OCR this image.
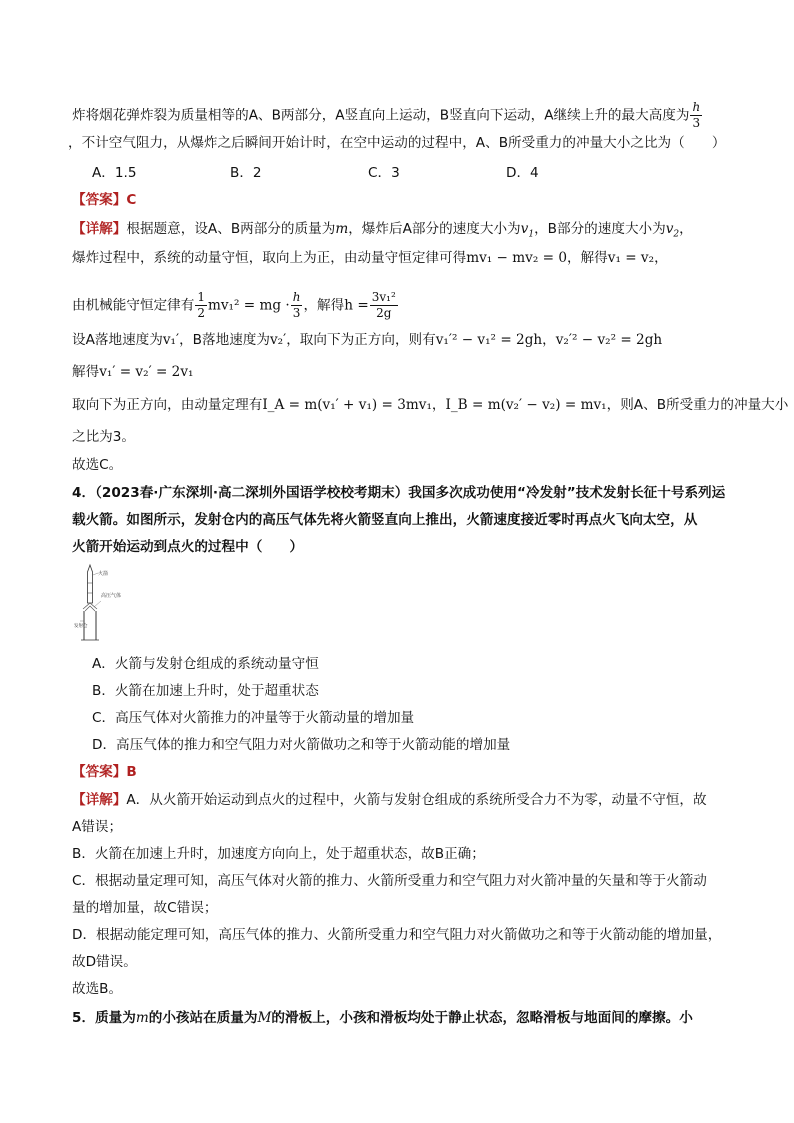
炸将烟花弹炸裂为质量相等的A、B两部分，A竖直向上运动，B竖直向下运动，A继续上升的最大高度为 $\frac{h}{3}$
，不计空气阻力，从爆炸之后瞬间开始计时，在空中运动的过程中，A、B所受重力的冲量大小之比为（　　）
A．1.5	B．2	C．3	D．4
【答案】C
【详解】根据题意，设A、B两部分的质量为m，爆炸后A部分的速度大小为$v_1$，B部分的速度大小为$v_2$，
爆炸过程中，系统的动量守恒，取向上为正，由动量守恒定律可得mv₁ − mv₂ = 0，解得v₁ = v₂，
由机械能守恒定律有 $\frac{1}{2} mv_1^2$ = mg · $\frac{h}{3}$ ，解得$h = \frac{\text{3v₁²}}{2g}$
设A落地速度为v₁′，B落地速度为v₂′，取向下为正方向，则有v₁′² − v₁² = 2gh，v₂′² − v₂² = 2gh
解得v₁′ = v₂′ = 2v₁
取向下为正方向，由动量定理有I_A = m(v₁′ + v₁) = 3mv₁，I_B = m(v₂′ − v₂) = mv₁，则A、B所受重力的冲量大小
之比为3。
故选C。
4．（2023春·广东深圳·高二深圳外国语学校校考期末）我国多次成功使用“冷发射”技术发射长征十号系列运
载火箭。如图所示，发射仓内的高压气体先将火箭竖直向上推出，火箭速度接近零时再点火飞向太空，从
火箭开始运动到点火的过程中（　　）
火箭
高压气体
发射仓
A．火箭与发射仓组成的系统动量守恒
B．火箭在加速上升时，处于超重状态
C．高压气体对火箭推力的冲量等于火箭动量的增加量
D．高压气体的推力和空气阻力对火箭做功之和等于火箭动能的增加量
【答案】B
【详解】A．从火箭开始运动到点火的过程中，火箭与发射仓组成的系统所受合力不为零，动量不守恒，故
A错误；
B．火箭在加速上升时，加速度方向向上，处于超重状态，故B正确；
C．根据动量定理可知，高压气体对火箭的推力、火箭所受重力和空气阻力对火箭冲量的矢量和等于火箭动
量的增加量，故C错误；
D．根据动能定理可知，高压气体的推力、火箭所受重力和空气阻力对火箭做功之和等于火箭动能的增加量，
故D错误。
故选B。
5．质量为m的小孩站在质量为M的滑板上，小孩和滑板均处于静止状态，忽略滑板与地面间的摩擦。小
